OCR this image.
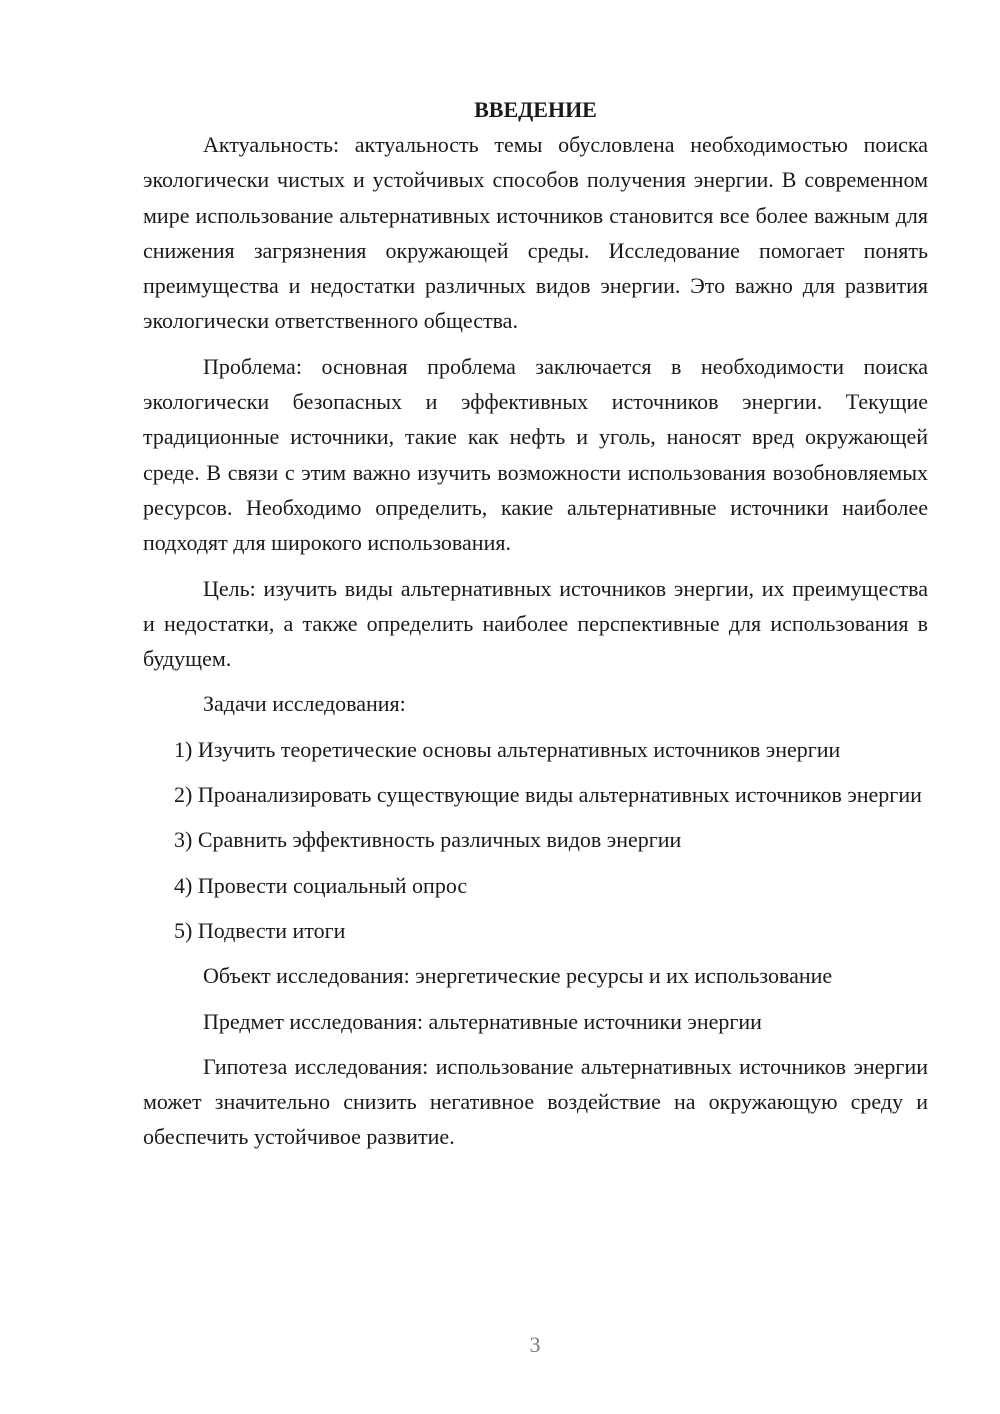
ВВЕДЕНИЕ

Актуальность: актуальность темы обусловлена необходимостью поиска экологически чистых и устойчивых способов получения энергии. В современном мире использование альтернативных источников становится все более важным для снижения загрязнения окружающей среды. Исследование помогает понять преимущества и недостатки различных видов энергии. Это важно для развития экологически ответственного общества.

Проблема: основная проблема заключается в необходимости поиска экологически безопасных и эффективных источников энергии. Текущие традиционные источники, такие как нефть и уголь, наносят вред окружающей среде. В связи с этим важно изучить возможности использования возобновляемых ресурсов. Необходимо определить, какие альтернативные источники наиболее подходят для широкого использования.

Цель: изучить виды альтернативных источников энергии, их преимущества и недостатки, а также определить наиболее перспективные для использования в будущем.

Задачи исследования:

1) Изучить теоретические основы альтернативных источников энергии

2) Проанализировать существующие виды альтернативных источников энергии

3) Сравнить эффективность различных видов энергии

4) Провести социальный опрос

5) Подвести итоги

Объект исследования: энергетические ресурсы и их использование

Предмет исследования: альтернативные источники энергии

Гипотеза исследования: использование альтернативных источников энергии может значительно снизить негативное воздействие на окружающую среду и обеспечить устойчивое развитие.

3
